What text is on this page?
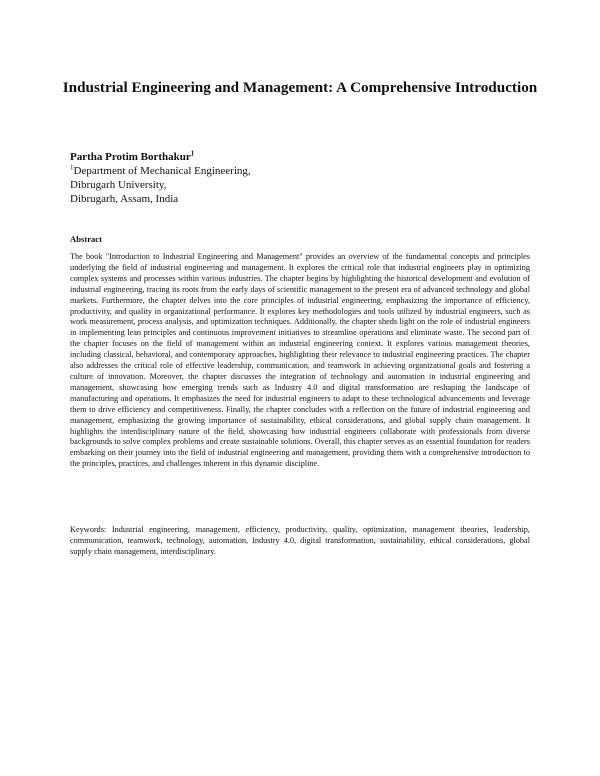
Industrial Engineering and Management: A Comprehensive Introduction
Partha Protim Borthakur$^1$
$^1$Department of Mechanical Engineering,
Dibrugarh University,
Dibrugarh, Assam, India
Abstract

The book "Introduction to Industrial Engineering and Management" provides an overview of the fundamental concepts and principles underlying the field of industrial engineering and management. It explores the critical role that industrial engineers play in optimizing complex systems and processes within various industries. The chapter begins by highlighting the historical development and evolution of industrial engineering, tracing its roots from the early days of scientific management to the present era of advanced technology and global markets. Furthermore, the chapter delves into the core principles of industrial engineering, emphasizing the importance of efficiency, productivity, and quality in organizational performance. It explores key methodologies and tools utilized by industrial engineers, such as work measurement, process analysis, and optimization techniques. Additionally, the chapter sheds light on the role of industrial engineers in implementing lean principles and continuous improvement initiatives to streamline operations and eliminate waste. The second part of the chapter focuses on the field of management within an industrial engineering context. It explores various management theories, including classical, behavioral, and contemporary approaches, highlighting their relevance to industrial engineering practices. The chapter also addresses the critical role of effective leadership, communication, and teamwork in achieving organizational goals and fostering a culture of innovation. Moreover, the chapter discusses the integration of technology and automation in industrial engineering and management, showcasing how emerging trends such as Industry 4.0 and digital transformation are reshaping the landscape of manufacturing and operations. It emphasizes the need for industrial engineers to adapt to these technological advancements and leverage them to drive efficiency and competitiveness. Finally, the chapter concludes with a reflection on the future of industrial engineering and management, emphasizing the growing importance of sustainability, ethical considerations, and global supply chain management. It highlights the interdisciplinary nature of the field, showcasing how industrial engineers collaborate with professionals from diverse backgrounds to solve complex problems and create sustainable solutions. Overall, this chapter serves as an essential foundation for readers embarking on their journey into the field of industrial engineering and management, providing them with a comprehensive introduction to the principles, practices, and challenges inherent in this dynamic discipline.

Keywords: Industrial engineering, management, efficiency, productivity, quality, optimization, management theories, leadership, communication, teamwork, technology, automation, Industry 4.0, digital transformation, sustainability, ethical considerations, global supply chain management, interdisciplinary.
